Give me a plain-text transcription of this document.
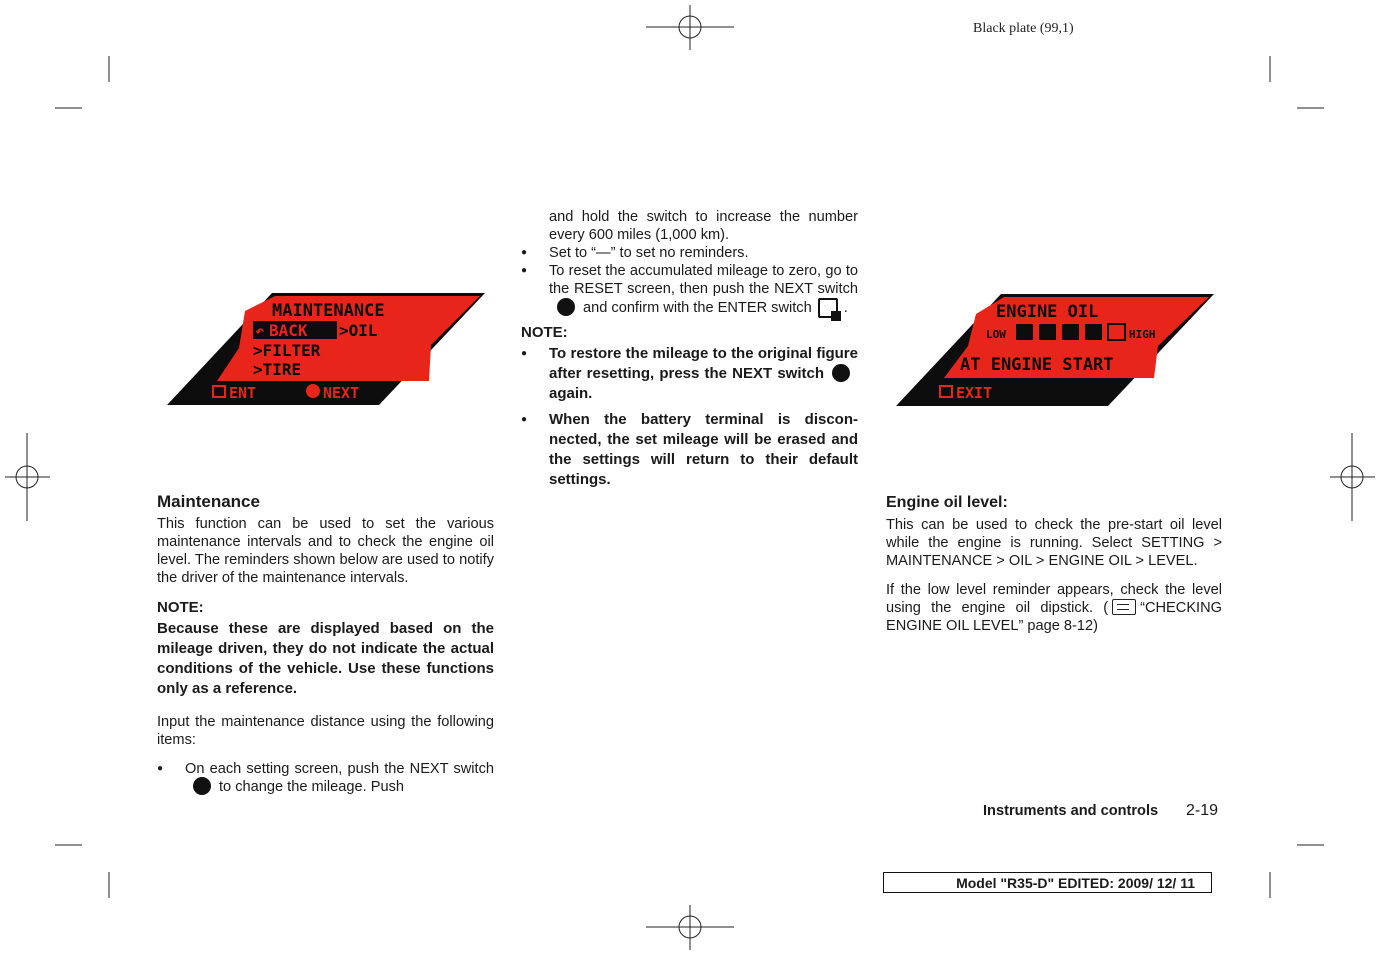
Black plate (99,1)
MAINTENANCE
↶ BACK >OIL
>FILTER
>TIRE
ENT	NEXT
ENGINE OIL
LOW	HIGH
AT ENGINE START
EXIT
Maintenance

This function can be used to set the various maintenance intervals and to check the engine oil level. The reminders shown below are used to notify the driver of the maintenance intervals.

NOTE:

Because these are displayed based on the mileage driven, they do not indicate the actual conditions of the vehicle. Use these functions only as a reference.

Input the maintenance distance using the following items:

● On each setting screen, push the NEXT switchto change the mileage. Push

and hold the switch to increase the number every 600 miles (1,000 km).

● Set to “—” to set no reminders.

● To reset the accumulated mileage to zero, go to the RESET screen, then push the NEXT switchand confirm with the ENTER switch .

NOTE:

● To restore the mileage to the original figure after resetting, press the NEXT switchagain.

● When the battery terminal is discon-nected, the set mileage will be erased and the settings will return to their default settings.

Engine oil level:

This can be used to check the pre-start oil level while the engine is running. Select SETTING > MAINTENANCE > OIL > ENGINE OIL > LEVEL.

If the low level reminder appears, check the level using the engine oil dipstick. ( “CHECKING ENGINE OIL LEVEL” page 8-12)

Instruments and controls 2-19
Model "R35-D" EDITED: 2009/ 12/ 11
